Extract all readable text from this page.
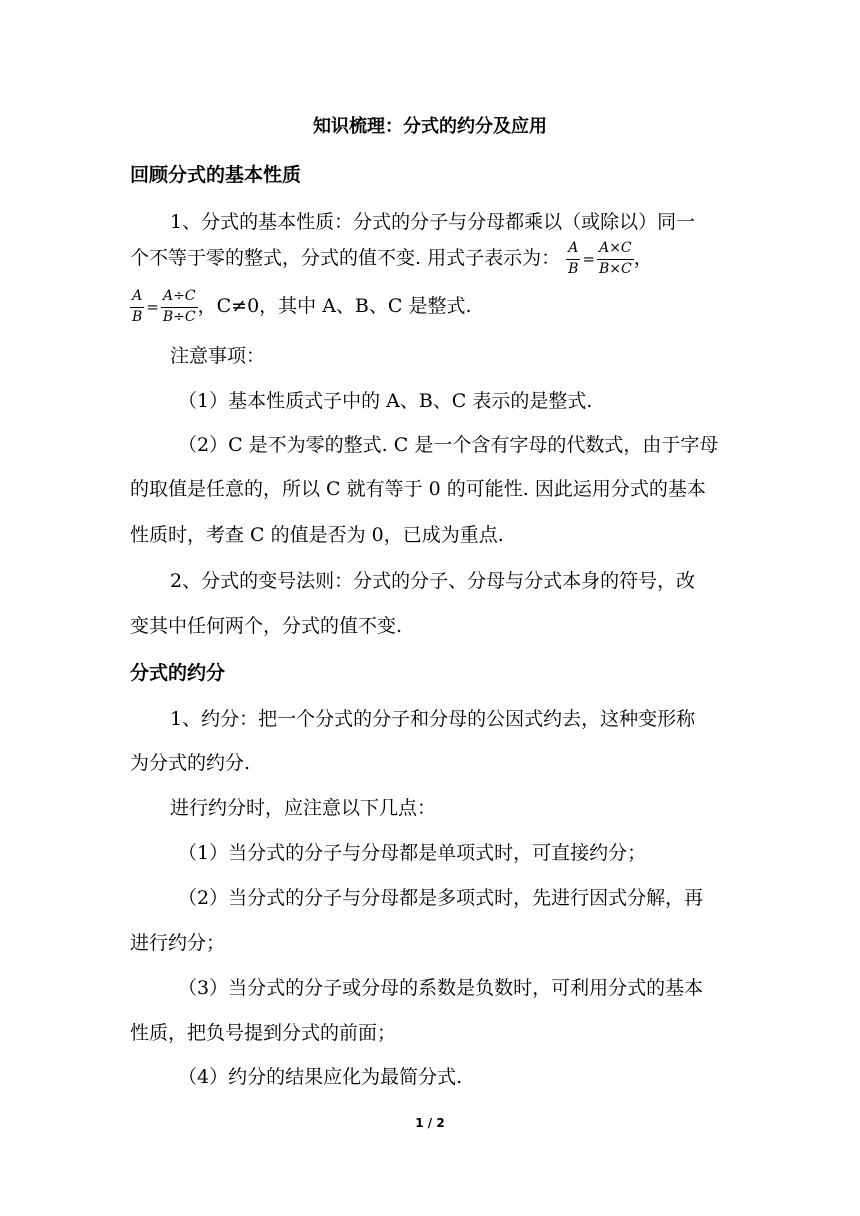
知识梳理：分式的约分及应用
回顾分式的基本性质
1、分式的基本性质：分式的分子与分母都乘以（或除以）同一
个不等于零的整式，分式的值不变. 用式子表示为： $\frac{A}{B} = \frac{A\times C}{B\times C}$ ，
$\frac{A}{B} = \frac{A\div C}{B\div C}$ ，C≠0，其中 A、B、C 是整式.
注意事项：
（1）基本性质式子中的 A、B、C 表示的是整式.
（2）C 是不为零的整式. C 是一个含有字母的代数式，由于字母
的取值是任意的，所以 C 就有等于 0 的可能性. 因此运用分式的基本
性质时，考查 C 的值是否为 0，已成为重点.
2、分式的变号法则：分式的分子、分母与分式本身的符号，改
变其中任何两个，分式的值不变.
分式的约分
1、约分：把一个分式的分子和分母的公因式约去，这种变形称
为分式的约分.
进行约分时，应注意以下几点：
（1）当分式的分子与分母都是单项式时，可直接约分；
（2）当分式的分子与分母都是多项式时，先进行因式分解，再
进行约分；
（3）当分式的分子或分母的系数是负数时，可利用分式的基本
性质，把负号提到分式的前面；
（4）约分的结果应化为最简分式.
1 / 2
